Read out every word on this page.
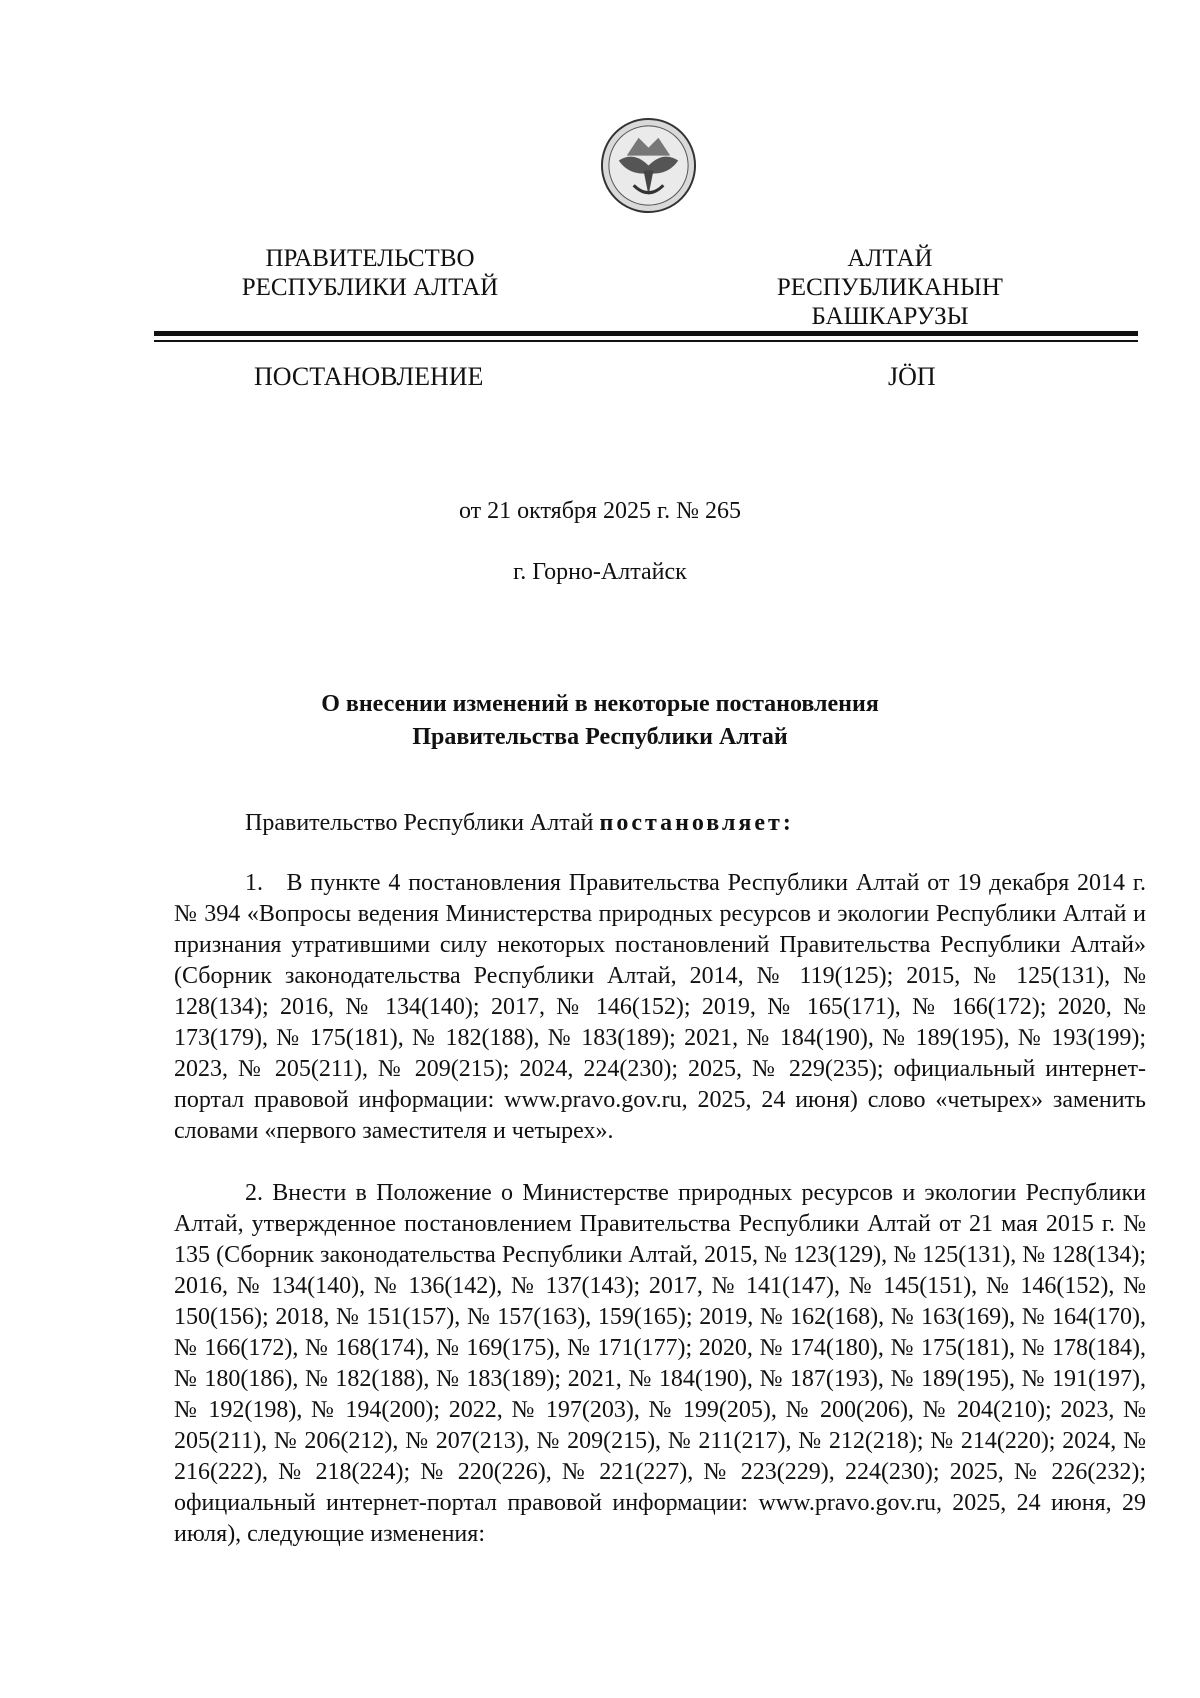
ПРАВИТЕЛЬСТВО
РЕСПУБЛИКИ АЛТАЙ
АЛТАЙ РЕСПУБЛИКАНЫҤ
БАШКАРУЗЫ
ПОСТАНОВЛЕНИЕ	JӦП
от 21 октября 2025 г. № 265
г. Горно-Алтайск
О внесении изменений в некоторые постановления
Правительства Республики Алтай
Правительство Республики Алтай постановляет:

1.   В пункте 4 постановления Правительства Республики Алтай от 19 декабря 2014 г. № 394 «Вопросы ведения Министерства природных ресурсов и экологии Республики Алтай и признания утратившими силу некоторых постановлений Правительства Республики Алтай» (Сборник законодательства Республики Алтай, 2014, № 119(125); 2015, № 125(131), № 128(134); 2016, № 134(140); 2017, № 146(152); 2019, № 165(171), № 166(172); 2020, № 173(179), № 175(181), № 182(188), № 183(189); 2021, № 184(190), № 189(195), № 193(199); 2023, № 205(211), № 209(215); 2024, 224(230); 2025, № 229(235); официальный интернет-портал правовой информации: www.pravo.gov.ru, 2025, 24 июня) слово «четырех» заменить словами «первого заместителя и четырех».

2. Внести в Положение о Министерстве природных ресурсов и экологии Республики Алтай, утвержденное постановлением Правительства Республики Алтай от 21 мая 2015 г. № 135 (Сборник законодательства Республики Алтай, 2015, № 123(129), № 125(131), № 128(134); 2016, № 134(140), № 136(142), № 137(143); 2017, № 141(147), № 145(151), № 146(152), № 150(156); 2018, № 151(157), № 157(163), 159(165); 2019, № 162(168), № 163(169), № 164(170), № 166(172), № 168(174), № 169(175), № 171(177); 2020, № 174(180), № 175(181), № 178(184), № 180(186), № 182(188), № 183(189); 2021, № 184(190), № 187(193), № 189(195), № 191(197), № 192(198), № 194(200); 2022, № 197(203), № 199(205), № 200(206), № 204(210); 2023, № 205(211), № 206(212), № 207(213), № 209(215), № 211(217), № 212(218); № 214(220); 2024, № 216(222), № 218(224); № 220(226), № 221(227), № 223(229), 224(230); 2025, № 226(232); официальный интернет-портал правовой информации: www.pravo.gov.ru, 2025, 24 июня, 29 июля), следующие изменения:
